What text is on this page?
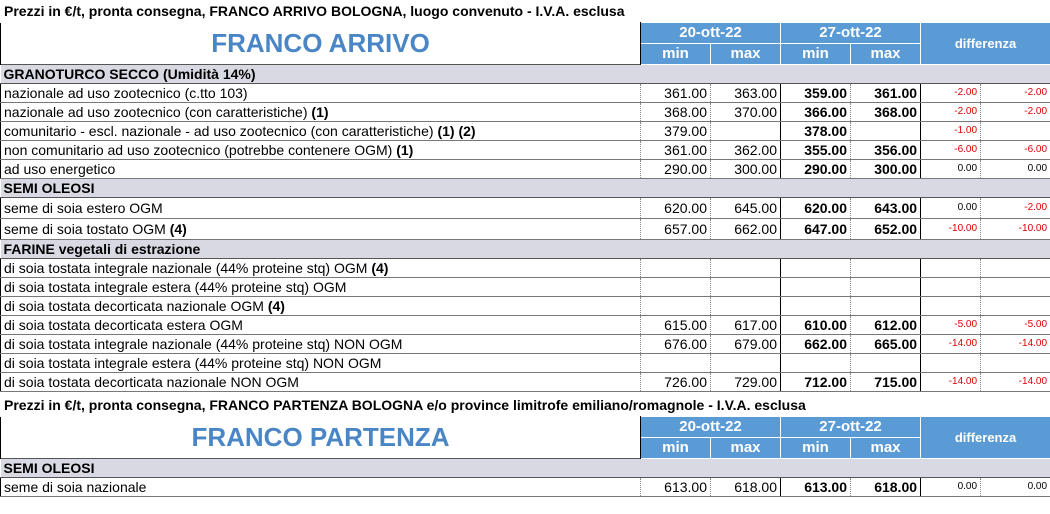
Prezzi in €/t, pronta consegna, FRANCO ARRIVO BOLOGNA, luogo convenuto - I.V.A. esclusa
FRANCO ARRIVO	20-ott-22		27-ott-22		differenza	
	min	max	min	max		
GRANOTURCO SECCO (Umidità 14%)						
nazionale ad uso zootecnico (c.tto 103)	361.00	363.00	359.00	361.00	-2.00	-2.00
nazionale ad uso zootecnico (con caratteristiche) (1)	368.00	370.00	366.00	368.00	-2.00	-2.00
comunitario - escl. nazionale - ad uso zootecnico (con caratteristiche) (1) (2)	379.00		378.00		-1.00	
non comunitario ad uso zootecnico (potrebbe contenere OGM) (1)	361.00	362.00	355.00	356.00	-6.00	-6.00
ad uso energetico	290.00	300.00	290.00	300.00	0.00	0.00
SEMI OLEOSI						
seme di soia estero OGM	620.00	645.00	620.00	643.00	0.00	-2.00
seme di soia tostato OGM (4)	657.00	662.00	647.00	652.00	-10.00	-10.00
FARINE vegetali di estrazione						
di soia tostata integrale nazionale (44% proteine stq) OGM (4)						
di soia tostata integrale estera (44% proteine stq) OGM						
di soia tostata decorticata nazionale OGM (4)						
di soia tostata decorticata estera OGM	615.00	617.00	610.00	612.00	-5.00	-5.00
di soia tostata integrale nazionale (44% proteine stq) NON OGM	676.00	679.00	662.00	665.00	-14.00	-14.00
di soia tostata integrale estera (44% proteine stq) NON OGM						
di soia tostata decorticata nazionale NON OGM	726.00	729.00	712.00	715.00	-14.00	-14.00
Prezzi in €/t, pronta consegna, FRANCO PARTENZA BOLOGNA e/o province limitrofe emiliano/romagnole - I.V.A. esclusa
FRANCO PARTENZA	20-ott-22		27-ott-22		differenza	
	min	max	min	max		
SEMI OLEOSI						
seme di soia nazionale	613.00	618.00	613.00	618.00	0.00	0.00
